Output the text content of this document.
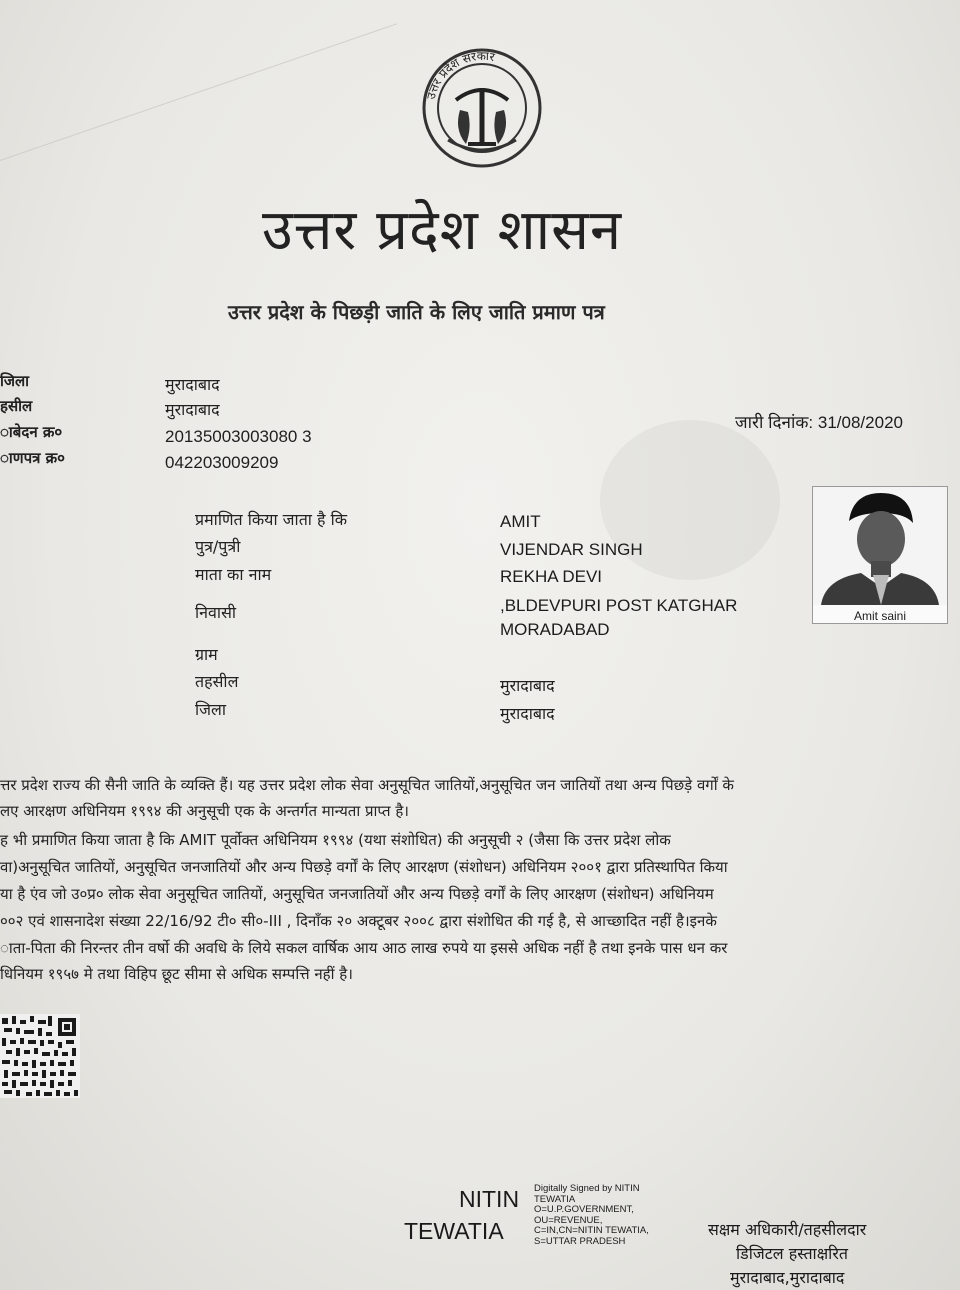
उत्तर प्रदेश सरकार
उत्तर प्रदेश शासन
उत्तर प्रदेश के पिछड़ी जाति के लिए जाति प्रमाण पत्र
जिला	मुरादाबाद
हसील	मुरादाबाद
ाबेदन क्र०	20135003003080 3
ाणपत्र क्र०	042203009209
जारी दिनांक: 31/08/2020
प्रमाणित किया जाता है कि	AMIT
पुत्र/पुत्री	VIJENDAR SINGH
माता का नाम	REKHA DEVI
निवासी	,BLDEVPURI POST KATGHAR
MORADABAD
ग्राम
तहसील	मुरादाबाद
जिला	मुरादाबाद
Amit saini
त्तर प्रदेश राज्य की सैनी जाति के व्यक्ति हैं। यह उत्तर प्रदेश लोक सेवा अनुसूचित जातियों,अनुसूचित जन जातियों तथा अन्य पिछड़े वर्गों के
लए आरक्षण अधिनियम १९९४ की अनुसूची एक के अन्तर्गत मान्यता प्राप्त है।
ह भी प्रमाणित किया जाता है कि AMIT पूर्वोक्त अधिनियम १९९४ (यथा संशोधित) की अनुसूची २ (जैसा कि उत्तर प्रदेश लोक
वा)अनुसूचित जातियों, अनुसूचित जनजातियों और अन्य पिछड़े वर्गों के लिए आरक्षण (संशोधन) अधिनियम २००१ द्वारा प्रतिस्थापित किया
या है एंव जो उ०प्र० लोक सेवा अनुसूचित जातियों, अनुसूचित जनजातियों और अन्य पिछड़े वर्गों के लिए आरक्षण (संशोधन) अधिनियम
००२ एवं शासनादेश संख्या 22/16/92 टी० सी०-III , दिनाँक २० अक्टूबर २००८ द्वारा संशोधित की गई है, से आच्छादित नहीं है।इनके
ाता-पिता की निरन्तर तीन वर्षो की अवधि के लिये सकल वार्षिक आय आठ लाख रुपये या इससे अधिक नहीं है तथा इनके पास धन कर
धिनियम १९५७ मे तथा विहिप छूट सीमा से अधिक सम्पत्ति नहीं है।
NITIN
TEWATIA
Digitally Signed by NITIN
TEWATIA
O=U.P.GOVERNMENT,
OU=REVENUE,
C=IN,CN=NITIN TEWATIA,
S=UTTAR PRADESH
सक्षम अधिकारी/तहसीलदार
डिजिटल हस्ताक्षरित
मुरादाबाद,मुरादाबाद
